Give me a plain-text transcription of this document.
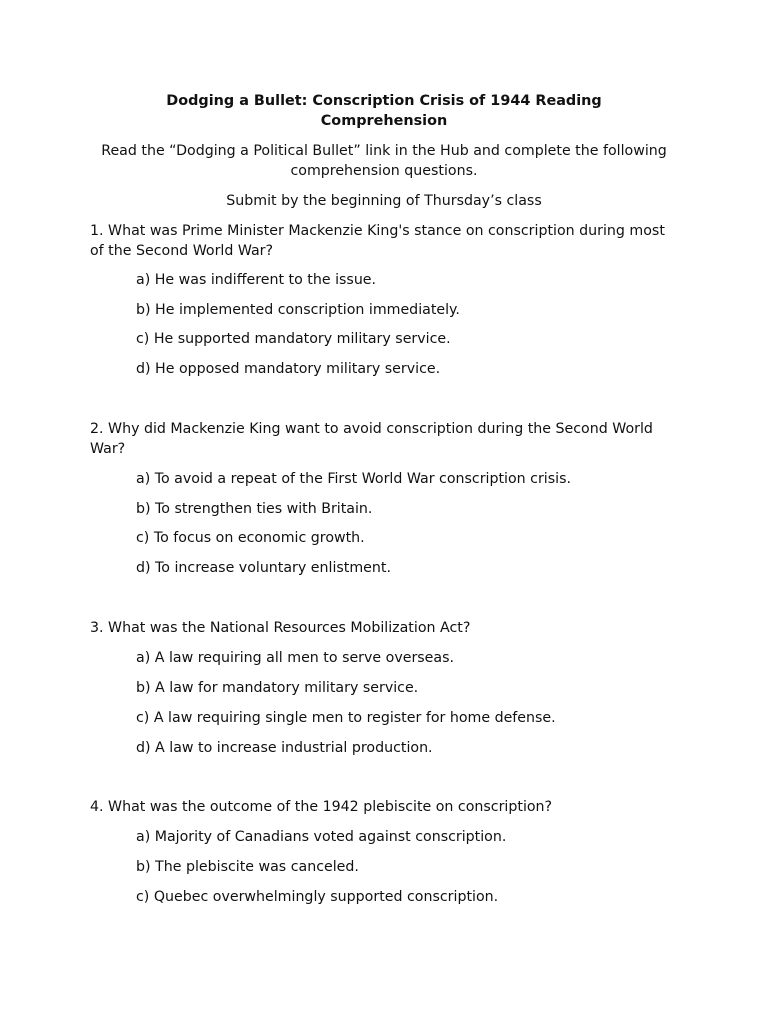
Dodging a Bullet: Conscription Crisis of 1944 Reading Comprehension
Read the “Dodging a Political Bullet” link in the Hub and complete the following comprehension questions.
Submit by the beginning of Thursday’s class
1. What was Prime Minister Mackenzie King's stance on conscription during most of the Second World War?
a) He was indifferent to the issue.
b) He implemented conscription immediately.
c) He supported mandatory military service.
d) He opposed mandatory military service.
2. Why did Mackenzie King want to avoid conscription during the Second World War?
a) To avoid a repeat of the First World War conscription crisis.
b) To strengthen ties with Britain.
c) To focus on economic growth.
d) To increase voluntary enlistment.
3. What was the National Resources Mobilization Act?
a) A law requiring all men to serve overseas.
b) A law for mandatory military service.
c) A law requiring single men to register for home defense.
d) A law to increase industrial production.
4. What was the outcome of the 1942 plebiscite on conscription?
a) Majority of Canadians voted against conscription.
b) The plebiscite was canceled.
c) Quebec overwhelmingly supported conscription.
